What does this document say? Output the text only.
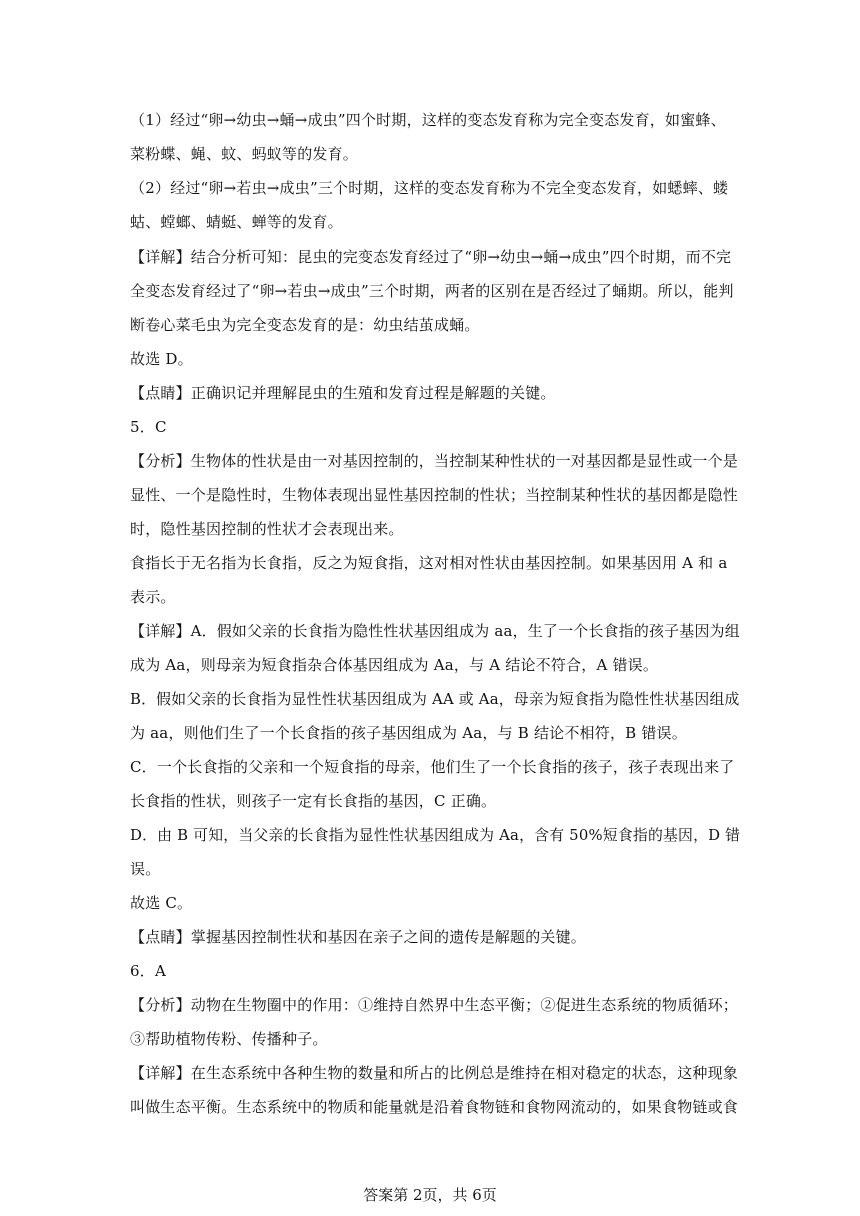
（1）经过“卵→幼虫→蛹→成虫”四个时期，这样的变态发育称为完全变态发育，如蜜蜂、
菜粉蝶、蝇、蚊、蚂蚁等的发育。
（2）经过“卵→若虫→成虫”三个时期，这样的变态发育称为不完全变态发育，如蟋蟀、蝼
蛄、螳螂、蜻蜓、蝉等的发育。
【详解】结合分析可知：昆虫的完变态发育经过了“卵→幼虫→蛹→成虫”四个时期，而不完
全变态发育经过了“卵→若虫→成虫”三个时期，两者的区别在是否经过了蛹期。所以，能判
断卷心菜毛虫为完全变态发育的是：幼虫结茧成蛹。
故选 D。
【点睛】正确识记并理解昆虫的生殖和发育过程是解题的关键。
5．C
【分析】生物体的性状是由一对基因控制的，当控制某种性状的一对基因都是显性或一个是
显性、一个是隐性时，生物体表现出显性基因控制的性状；当控制某种性状的基因都是隐性
时，隐性基因控制的性状才会表现出来。
食指长于无名指为长食指，反之为短食指，这对相对性状由基因控制。如果基因用 A 和 a
表示。
【详解】A．假如父亲的长食指为隐性性状基因组成为 aa，生了一个长食指的孩子基因为组
成为 Aa，则母亲为短食指杂合体基因组成为 Aa，与 A 结论不符合，A 错误。
B．假如父亲的长食指为显性性状基因组成为 AA 或 Aa，母亲为短食指为隐性性状基因组成
为 aa，则他们生了一个长食指的孩子基因组成为 Aa，与 B 结论不相符，B 错误。
C．一个长食指的父亲和一个短食指的母亲，他们生了一个长食指的孩子，孩子表现出来了
长食指的性状，则孩子一定有长食指的基因，C 正确。
D．由 B 可知，当父亲的长食指为显性性状基因组成为 Aa，含有 50%短食指的基因，D 错
误。
故选 C。
【点睛】掌握基因控制性状和基因在亲子之间的遗传是解题的关键。
6．A
【分析】动物在生物圈中的作用：①维持自然界中生态平衡；②促进生态系统的物质循环；
③帮助植物传粉、传播种子。
【详解】在生态系统中各种生物的数量和所占的比例总是维持在相对稳定的状态，这种现象
叫做生态平衡。生态系统中的物质和能量就是沿着食物链和食物网流动的，如果食物链或食
答案第 2页，共 6页
